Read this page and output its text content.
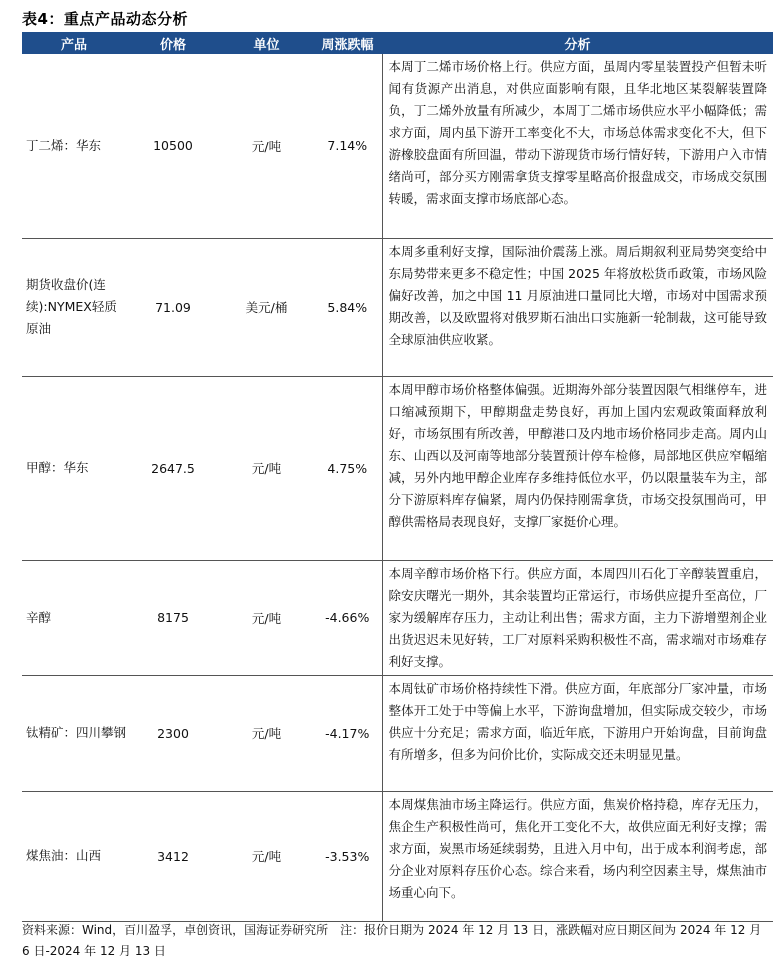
表4：重点产品动态分析
产品	价格	单位	周涨跌幅	分析
丁二烯：华东	10500	元/吨	7.14%	本周丁二烯市场价格上行。供应方面，虽周内零星装置投产但暂未听闻有货源产出消息，对供应面影响有限，且华北地区某裂解装置降负，丁二烯外放量有所减少，本周丁二烯市场供应水平小幅降低；需求方面，周内虽下游开工率变化不大，市场总体需求变化不大，但下游橡胶盘面有所回温，带动下游现货市场行情好转，下游用户入市情绪尚可，部分买方刚需拿货支撑零星略高价报盘成交，市场成交氛围转暖，需求面支撑市场底部心态。
期货收盘价(连续):NYMEX轻质原油	71.09	美元/桶	5.84%	本周多重利好支撑，国际油价震荡上涨。周后期叙利亚局势突变给中东局势带来更多不稳定性；中国 2025 年将放松货币政策，市场风险偏好改善，加之中国 11 月原油进口量同比大增，市场对中国需求预期改善，以及欧盟将对俄罗斯石油出口实施新一轮制裁，这可能导致全球原油供应收紧。
甲醇：华东	2647.5	元/吨	4.75%	本周甲醇市场价格整体偏强。近期海外部分装置因限气相继停车，进口缩减预期下，甲醇期盘走势良好，再加上国内宏观政策面释放利好，市场氛围有所改善，甲醇港口及内地市场价格同步走高。周内山东、山西以及河南等地部分装置预计停车检修，局部地区供应窄幅缩减，另外内地甲醇企业库存多维持低位水平，仍以限量装车为主，部分下游原料库存偏紧，周内仍保持刚需拿货，市场交投氛围尚可，甲醇供需格局表现良好，支撑厂家挺价心理。
辛醇	8175	元/吨	-4.66%	本周辛醇市场价格下行。供应方面，本周四川石化丁辛醇装置重启，除安庆曙光一期外，其余装置均正常运行，市场供应提升至高位，厂家为缓解库存压力，主动让利出售；需求方面，主力下游增塑剂企业出货迟迟未见好转，工厂对原料采购积极性不高，需求端对市场难存利好支撑。
钛精矿：四川攀钢	2300	元/吨	-4.17%	本周钛矿市场价格持续性下滑。供应方面，年底部分厂家冲量，市场整体开工处于中等偏上水平，下游询盘增加，但实际成交较少，市场供应十分充足；需求方面，临近年底，下游用户开始询盘，目前询盘有所增多，但多为问价比价，实际成交还未明显见量。
煤焦油：山西	3412	元/吨	-3.53%	本周煤焦油市场主降运行。供应方面，焦炭价格持稳，库存无压力，焦企生产积极性尚可，焦化开工变化不大，故供应面无利好支撑；需求方面，炭黑市场延续弱势，且进入月中旬，出于成本利润考虑，部分企业对原料存压价心态。综合来看，场内利空因素主导，煤焦油市场重心向下。
资料来源：Wind，百川盈孚，卓创资讯，国海证券研究所　注：报价日期为 2024 年 12 月 13 日，涨跌幅对应日期区间为 2024 年 12 月 6 日-2024 年 12 月 13 日
